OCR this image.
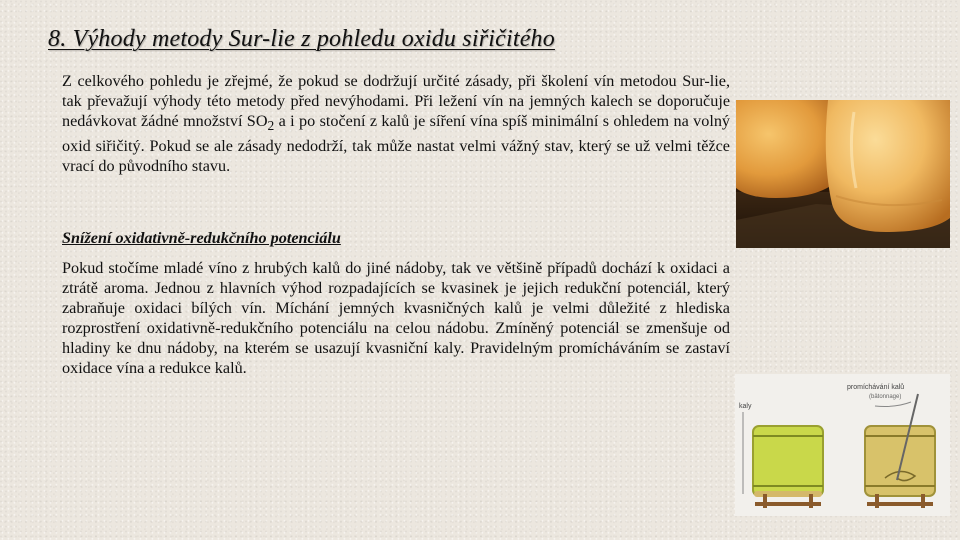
8. Výhody metody Sur-lie z pohledu oxidu siřičitého
Z celkového pohledu je zřejmé, že pokud se dodržují určité zásady, při školení vín metodou Sur-lie, tak převažují výhody této metody před nevýhodami. Při ležení vín na jemných kalech se doporučuje nedávkovat žádné množství $SO_2$ a i po stočení z kalů je síření vína spíš minimální s ohledem na volný oxid siřičitý. Pokud se ale zásady nedodrží, tak může nastat velmi vážný stav, který se už velmi těžce vrací do původního stavu.
Snížení oxidativně-redukčního potenciálu
Pokud stočíme mladé víno z hrubých kalů do jiné nádoby, tak ve většině případů dochází k oxidaci a ztrátě aroma. Jednou z hlavních výhod rozpadajících se kvasinek je jejich redukční potenciál, který zabraňuje oxidaci bílých vín. Míchání jemných kvasničných kalů je velmi důležité z hlediska rozprostření oxidativně-redukčního potenciálu na celou nádobu. Zmíněný potenciál se zmenšuje od hladiny ke dnu nádoby, na kterém se usazují kvasniční kaly. Pravidelným promícháváním se zastaví oxidace vína a redukce kalů.
kaly
promíchávání kalů
(bâtonnage)
